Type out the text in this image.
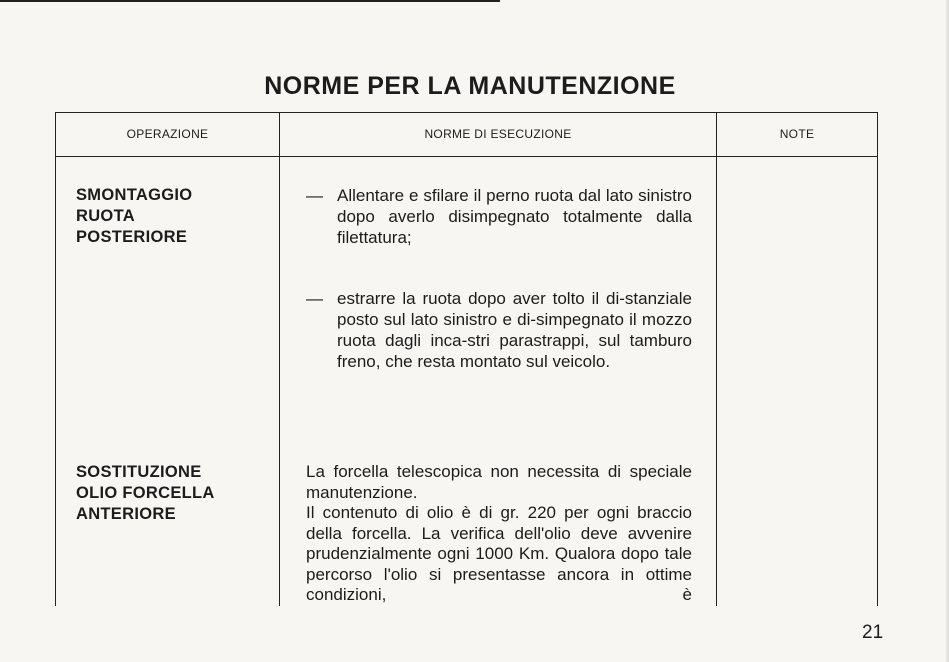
NORME PER LA MANUTENZIONE
OPERAZIONE	NORME DI ESECUZIONE	NOTE
SMONTAGGIO
RUOTA
POSTERIORE
— Allentare e sfilare il perno ruota dal lato sinistro dopo averlo disimpegnato totalmente dalla filettatura;
— estrarre la ruota dopo aver tolto il di-stanziale posto sul lato sinistro e di-simpegnato il mozzo ruota dagli inca-stri parastrappi, sul tamburo freno, che resta montato sul veicolo.
SOSTITUZIONE
OLIO FORCELLA
ANTERIORE
La forcella telescopica non necessita di speciale manutenzione.
Il contenuto di olio è di gr. 220 per ogni braccio della forcella. La verifica dell'olio deve avvenire prudenzialmente ogni 1000 Km. Qualora dopo tale percorso l'olio si presentasse ancora in ottime condizioni, è
21
